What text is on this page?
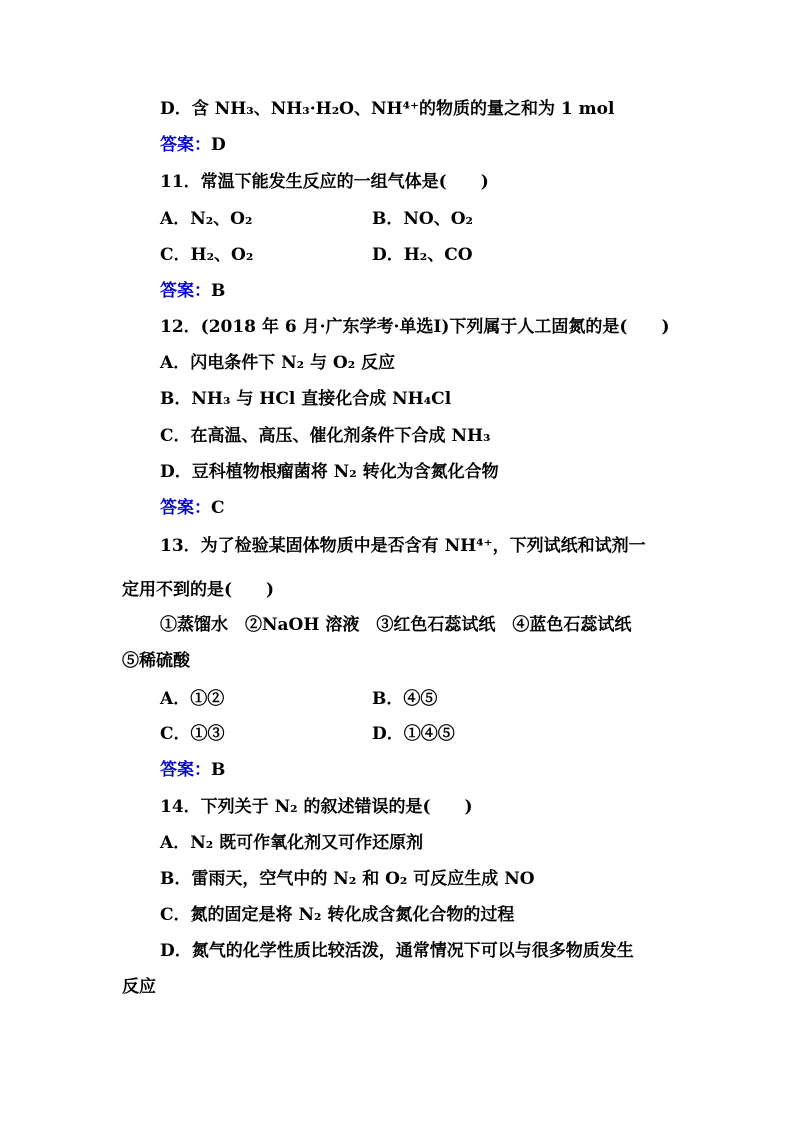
D．含 NH₃、NH₃·H₂O、NH⁴⁺的物质的量之和为 1 mol
答案：D
11．常温下能发生反应的一组气体是(　　)
A．N₂、O₂	B．NO、O₂
C．H₂、O₂	D．H₂、CO
答案：B
12．(2018 年 6 月·广东学考·单选Ⅰ)下列属于人工固氮的是(　　)
A．闪电条件下 N₂ 与 O₂ 反应
B．NH₃ 与 HCl 直接化合成 NH₄Cl
C．在高温、高压、催化剂条件下合成 NH₃
D．豆科植物根瘤菌将 N₂ 转化为含氮化合物
答案：C
13．为了检验某固体物质中是否含有 NH⁴⁺，下列试纸和试剂一
定用不到的是(　　)
①蒸馏水　②NaOH 溶液　③红色石蕊试纸　④蓝色石蕊试纸
⑤稀硫酸
A．①②	B．④⑤
C．①③	D．①④⑤
答案：B
14．下列关于 N₂ 的叙述错误的是(　　)
A．N₂ 既可作氧化剂又可作还原剂
B．雷雨天，空气中的 N₂ 和 O₂ 可反应生成 NO
C．氮的固定是将 N₂ 转化成含氮化合物的过程
D．氮气的化学性质比较活泼，通常情况下可以与很多物质发生
反应
